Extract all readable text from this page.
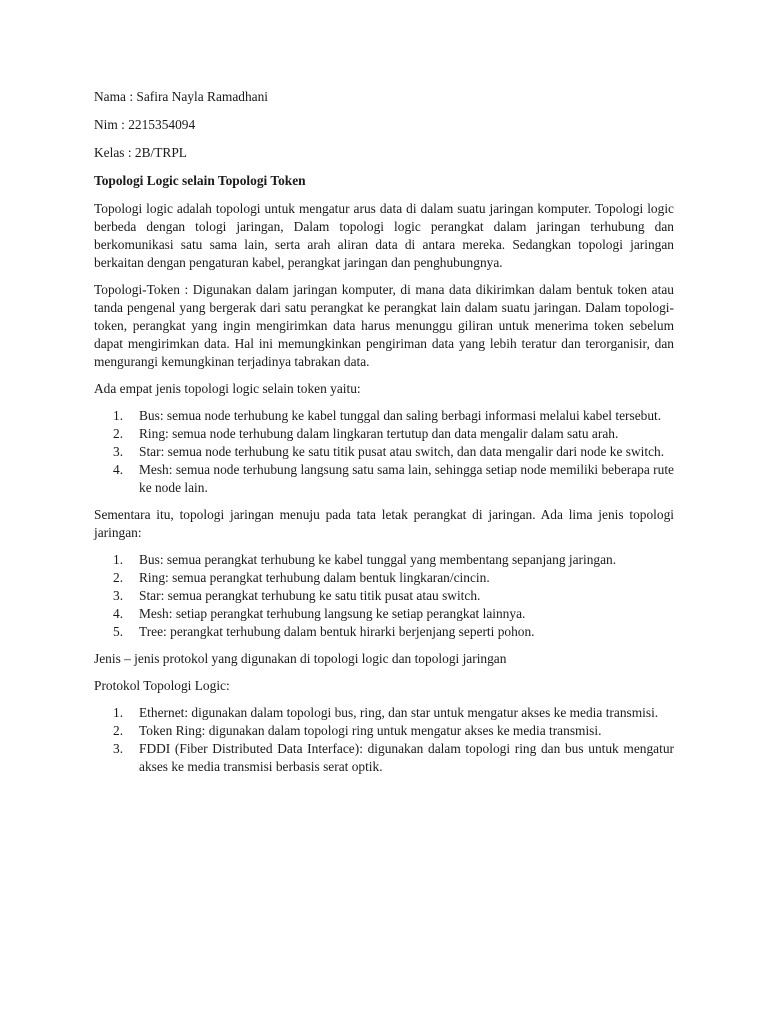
Nama : Safira Nayla Ramadhani

Nim : 2215354094

Kelas : 2B/TRPL

Topologi Logic selain Topologi Token

Topologi logic adalah topologi untuk mengatur arus data di dalam suatu jaringan komputer. Topologi logic berbeda dengan tologi jaringan, Dalam topologi logic perangkat dalam jaringan terhubung dan berkomunikasi satu sama lain, serta arah aliran data di antara mereka. Sedangkan topologi jaringan berkaitan dengan pengaturan kabel, perangkat jaringan dan penghubungnya.

Topologi-Token : Digunakan dalam jaringan komputer, di mana data dikirimkan dalam bentuk token atau tanda pengenal yang bergerak dari satu perangkat ke perangkat lain dalam suatu jaringan. Dalam topologi-token, perangkat yang ingin mengirimkan data harus menunggu giliran untuk menerima token sebelum dapat mengirimkan data. Hal ini memungkinkan pengiriman data yang lebih teratur dan terorganisir, dan mengurangi kemungkinan terjadinya tabrakan data.

Ada empat jenis topologi logic selain token yaitu:

1. Bus: semua node terhubung ke kabel tunggal dan saling berbagi informasi melalui kabel tersebut.
2. Ring: semua node terhubung dalam lingkaran tertutup dan data mengalir dalam satu arah.
3. Star: semua node terhubung ke satu titik pusat atau switch, dan data mengalir dari node ke switch.
4. Mesh: semua node terhubung langsung satu sama lain, sehingga setiap node memiliki beberapa rute ke node lain.

Sementara itu, topologi jaringan menuju pada tata letak perangkat di jaringan. Ada lima jenis topologi jaringan:

1. Bus: semua perangkat terhubung ke kabel tunggal yang membentang sepanjang jaringan.
2. Ring: semua perangkat terhubung dalam bentuk lingkaran/cincin.
3. Star: semua perangkat terhubung ke satu titik pusat atau switch.
4. Mesh: setiap perangkat terhubung langsung ke setiap perangkat lainnya.
5. Tree: perangkat terhubung dalam bentuk hirarki berjenjang seperti pohon.

Jenis – jenis protokol yang digunakan di topologi logic dan topologi jaringan

Protokol Topologi Logic:

1. Ethernet: digunakan dalam topologi bus, ring, dan star untuk mengatur akses ke media transmisi.
2. Token Ring: digunakan dalam topologi ring untuk mengatur akses ke media transmisi.
3. FDDI (Fiber Distributed Data Interface): digunakan dalam topologi ring dan bus untuk mengatur akses ke media transmisi berbasis serat optik.
